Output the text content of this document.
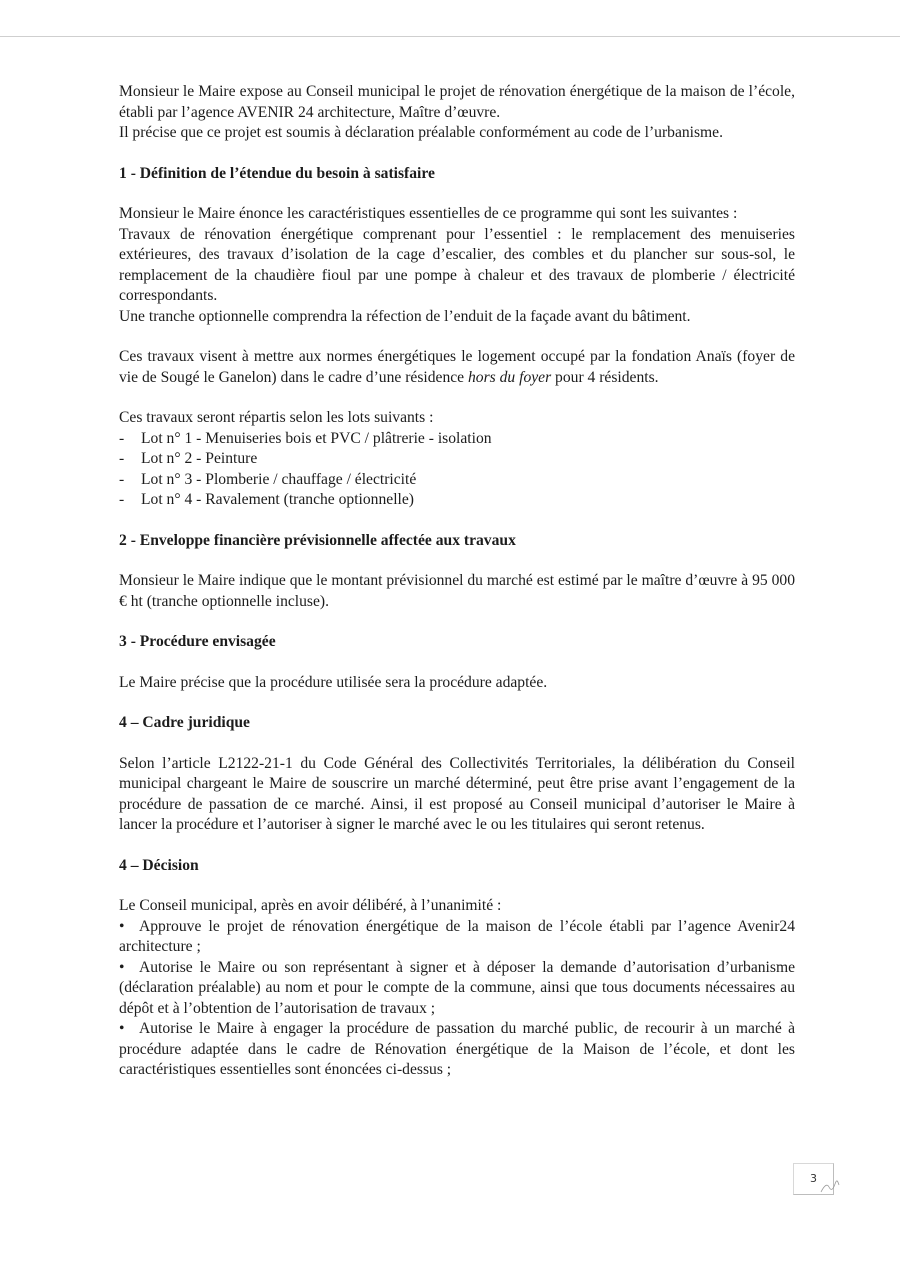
Monsieur le Maire expose au Conseil municipal le projet de rénovation énergétique de la maison de l’école, établi par l’agence AVENIR 24 architecture, Maître d’œuvre.

Il précise que ce projet est soumis à déclaration préalable conformément au code de l’urbanisme.

1 - Définition de l’étendue du besoin à satisfaire

Monsieur le Maire énonce les caractéristiques essentielles de ce programme qui sont les suivantes :

Travaux de rénovation énergétique comprenant pour l’essentiel : le remplacement des menuiseries extérieures, des travaux d’isolation de la cage d’escalier, des combles et du plancher sur sous-sol, le remplacement de la chaudière fioul par une pompe à chaleur et des travaux de plomberie / électricité correspondants.

Une tranche optionnelle comprendra la réfection de l’enduit de la façade avant du bâtiment.

Ces travaux visent à mettre aux normes énergétiques le logement occupé par la fondation Anaïs (foyer de vie de Sougé le Ganelon) dans le cadre d’une résidence hors du foyer pour 4 résidents.

Ces travaux seront répartis selon les lots suivants :

- Lot n° 1 - Menuiseries bois et PVC / plâtrerie - isolation
- Lot n° 2 - Peinture
- Lot n° 3 - Plomberie / chauffage / électricité
- Lot n° 4 - Ravalement (tranche optionnelle)
2 - Enveloppe financière prévisionnelle affectée aux travaux

Monsieur le Maire indique que le montant prévisionnel du marché est estimé par le maître d’œuvre à 95 000 € ht (tranche optionnelle incluse).

3 - Procédure envisagée

Le Maire précise que la procédure utilisée sera la procédure adaptée.

4 – Cadre juridique

Selon l’article L2122-21-1 du Code Général des Collectivités Territoriales, la délibération du Conseil municipal chargeant le Maire de souscrire un marché déterminé, peut être prise avant l’engagement de la procédure de passation de ce marché. Ainsi, il est proposé au Conseil municipal d’autoriser le Maire à lancer la procédure et l’autoriser à signer le marché avec le ou les titulaires qui seront retenus.

4 – Décision

Le Conseil municipal, après en avoir délibéré, à l’unanimité :

• Approuve le projet de rénovation énergétique de la maison de l’école établi par l’agence Avenir24 architecture ;

• Autorise le Maire ou son représentant à signer et à déposer la demande d’autorisation d’urbanisme (déclaration préalable) au nom et pour le compte de la commune, ainsi que tous documents nécessaires au dépôt et à l’obtention de l’autorisation de travaux ;

• Autorise le Maire à engager la procédure de passation du marché public, de recourir à un marché à procédure adaptée dans le cadre de Rénovation énergétique de la Maison de l’école, et dont les caractéristiques essentielles sont énoncées ci-dessus ;

3
